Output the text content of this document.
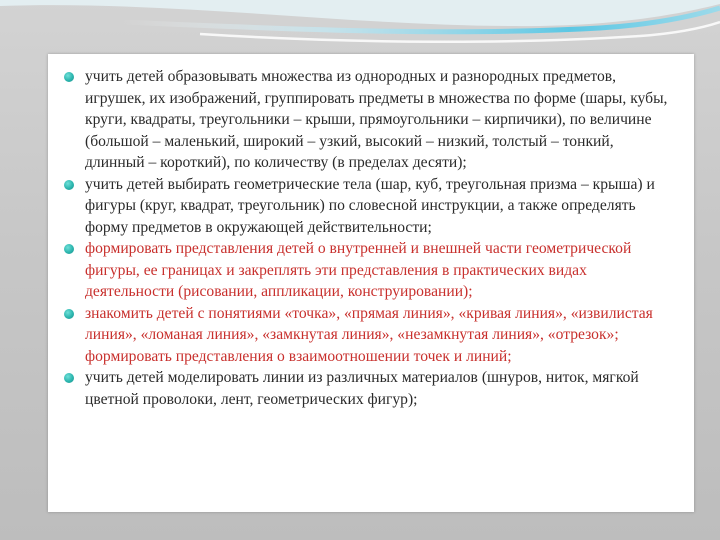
учить детей образовывать множества из однородных и разнородных предметов, игрушек, их изображений, группировать предметы в множества по форме (шары, кубы, круги, квадраты, треугольники – крыши, прямоугольники – кирпичики), по величине (большой – маленький, широкий – узкий, высокий – низкий, толстый – тонкий, длинный – короткий), по количеству (в пределах десяти);
учить детей выбирать геометрические тела (шар, куб, треугольная призма – крыша) и фигуры (круг, квадрат, треугольник) по словесной инструкции, а также определять форму предметов в окружающей действительности;
формировать представления детей о внутренней и внешней части геометрической фигуры, ее границах и закреплять эти представления в практических видах деятельности (рисовании, аппликации, конструировании);
знакомить детей с понятиями «точка», «прямая линия», «кривая линия», «извилистая линия», «ломаная линия», «замкнутая линия», «незамкнутая линия», «отрезок»; формировать представления о взаимоотношении точек и линий;
учить детей моделировать линии из различных материалов (шнуров, ниток, мягкой цветной проволоки, лент, геометрических фигур);
